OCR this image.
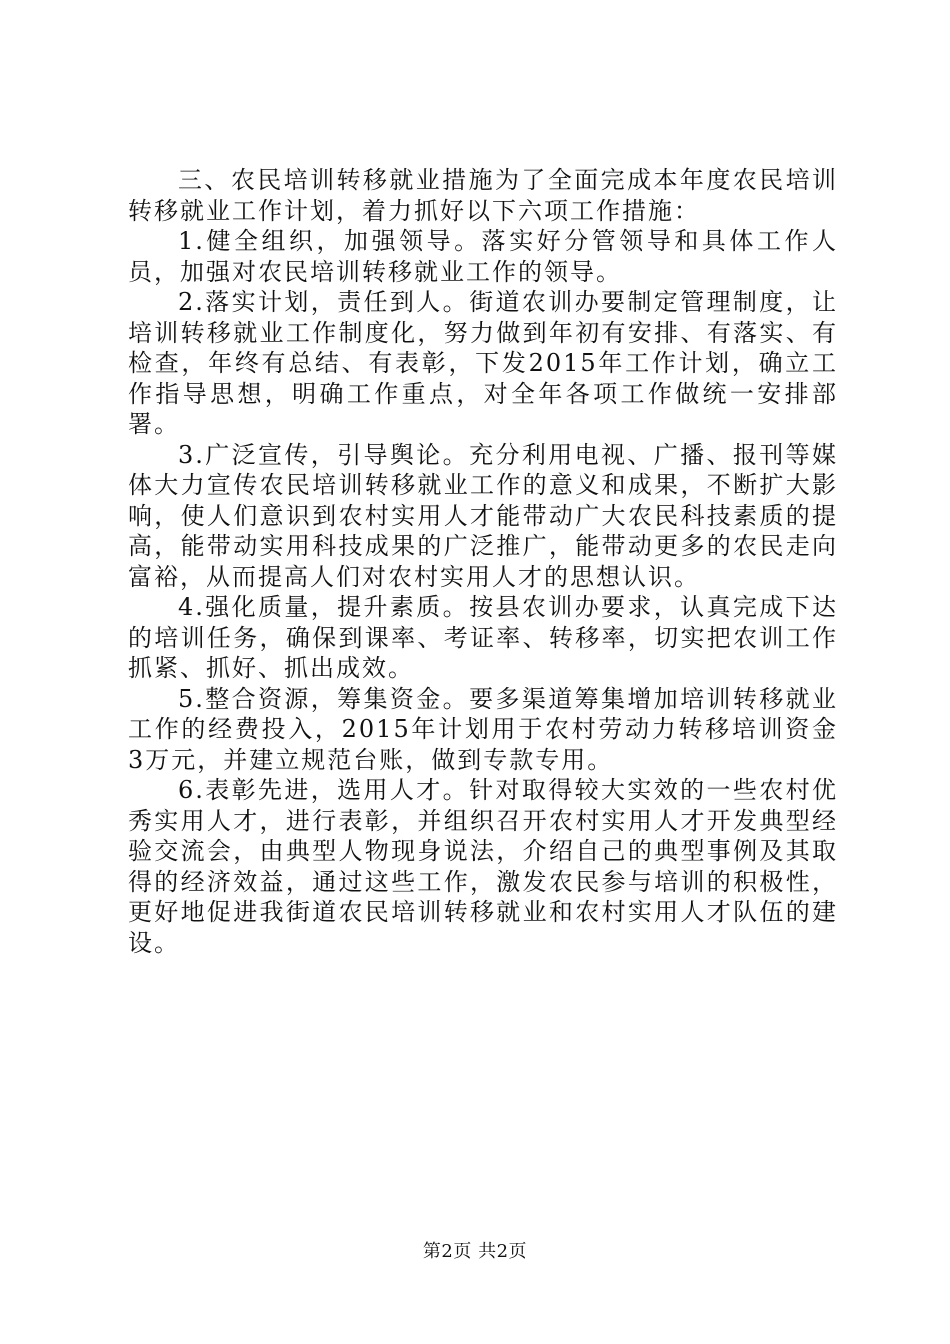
三、农民培训转移就业措施为了全面完成本年度农民培训转移就业工作计划，着力抓好以下六项工作措施：

1.健全组织，加强领导。落实好分管领导和具体工作人员，加强对农民培训转移就业工作的领导。

2.落实计划，责任到人。街道农训办要制定管理制度，让培训转移就业工作制度化，努力做到年初有安排、有落实、有检查，年终有总结、有表彰，下发2015年工作计划，确立工作指导思想，明确工作重点，对全年各项工作做统一安排部署。

3.广泛宣传，引导舆论。充分利用电视、广播、报刊等媒体大力宣传农民培训转移就业工作的意义和成果，不断扩大影响，使人们意识到农村实用人才能带动广大农民科技素质的提高，能带动实用科技成果的广泛推广，能带动更多的农民走向富裕，从而提高人们对农村实用人才的思想认识。

4.强化质量，提升素质。按县农训办要求，认真完成下达的培训任务，确保到课率、考证率、转移率，切实把农训工作抓紧、抓好、抓出成效。

5.整合资源，筹集资金。要多渠道筹集增加培训转移就业工作的经费投入，2015年计划用于农村劳动力转移培训资金3万元，并建立规范台账，做到专款专用。

6.表彰先进，选用人才。针对取得较大实效的一些农村优秀实用人才，进行表彰，并组织召开农村实用人才开发典型经验交流会，由典型人物现身说法，介绍自己的典型事例及其取得的经济效益，通过这些工作，激发农民参与培训的积极性，更好地促进我街道农民培训转移就业和农村实用人才队伍的建设。

第2页 共2页
